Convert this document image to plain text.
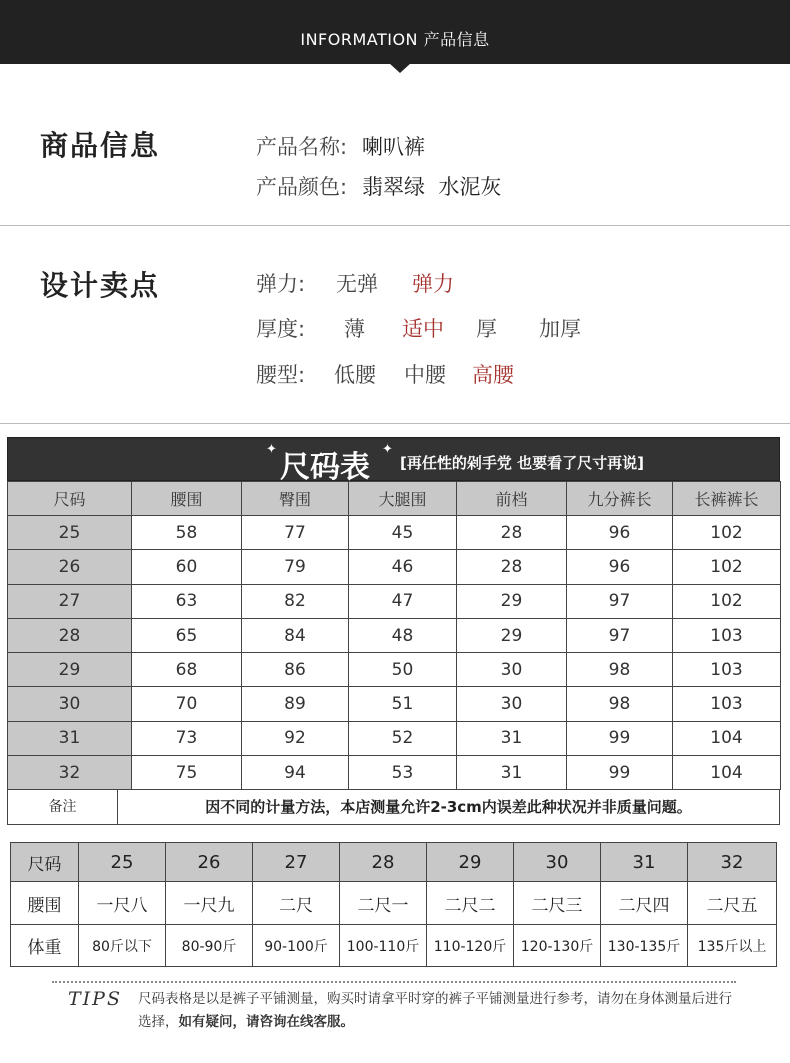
INFORMATION 产品信息
商品信息	产品名称: 喇叭裤
产品颜色: 翡翠绿  水泥灰
设计卖点	弹力: 无弹 弹力
厚度: 薄 适中 厚 加厚
腰型: 低腰 中腰 高腰
✦
尺码表
✦
[再任性的剁手党 也要看了尺寸再说]
尺码	腰围	臀围	大腿围	前档	九分裤长	长裤裤长
25	58	77	45	28	96	102
26	60	79	46	28	96	102
27	63	82	47	29	97	102
28	65	84	48	29	97	103
29	68	86	50	30	98	103
30	70	89	51	30	98	103
31	73	92	52	31	99	104
32	75	94	53	31	99	104
备注	因不同的计量方法，本店测量允许2-3cm内误差此种状况并非质量问题。
尺码	25	26	27	28	29	30	31	32
腰围	一尺八	一尺九	二尺	二尺一	二尺二	二尺三	二尺四	二尺五
体重	80斤以下	80-90斤	90-100斤	100-110斤	110-120斤	120-130斤	130-135斤	135斤以上
TIPS 尺码表格是以是裤子平铺测量，购买时请拿平时穿的裤子平铺测量进行参考，请勿在身体测量后进行选择，如有疑问，请咨询在线客服。
